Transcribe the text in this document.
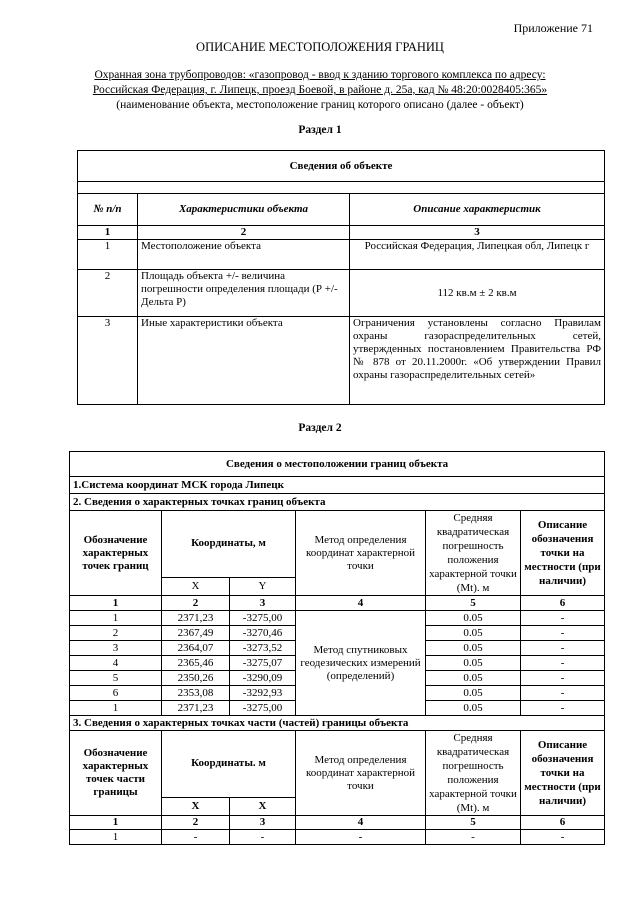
Приложение 71
ОПИСАНИЕ МЕСТОПОЛОЖЕНИЯ ГРАНИЦ
Охранная зона трубопроводов: «газопровод - ввод к зданию торгового комплекса по адресу:
Российская Федерация, г. Липецк, проезд Боевой, в районе д. 25а, кад № 48:20:0028405:365»
(наименование объекта, местоположение границ которого описано (далее - объект)
Раздел 1
Сведения об объекте		

№ п/п	Характеристики объекта	Описание характеристик
1	2	3
1	Местоположение объекта	Российская Федерация, Липецкая обл, Липецк г
2	Площадь объекта +/- величина погрешности определения площади (Р +/- Дельта Р)	112 кв.м ± 2 кв.м
3	Иные характеристики объекта	Ограничения установлены согласно Правилам охраны газораспределительных сетей, утвержденных постановлением Правительства РФ № 878 от 20.11.2000г. «Об утверждении Правил охраны газораспределительных сетей»
Раздел 2
Сведения о местоположении границ объекта					
1.Система координат МСК города Липецк					
2. Сведения о характерных точках границ объекта					
Обозначение характерных точек границ	Координаты, м		Метод определения координат характерной точки	Средняя квадратическая погрешность положения характерной точки (Mt). м	Описание обозначения точки на местности (при наличии)
	X	Y			
1	2	3	4	5	6
1	2371,23	-3275,00	Метод спутниковых геодезических измерений (определений)	0.05	-
2	2367,49	-3270,46		0.05	-
3	2364,07	-3273,52		0.05	-
4	2365,46	-3275,07		0.05	-
5	2350,26	-3290,09		0.05	-
6	2353,08	-3292,93		0.05	-
1	2371,23	-3275,00		0.05	-
3. Сведения о характерных точках части (частей) границы объекта					
Обозначение характерных точек части границы	Координаты. м		Метод определения координат характерной точки	Средняя квадратическая погрешность положения характерной точки (Mt). м	Описание обозначения точки на местности (при наличии)
	X	X			
1	2	3	4	5	6
1	-	-	-	-	-
